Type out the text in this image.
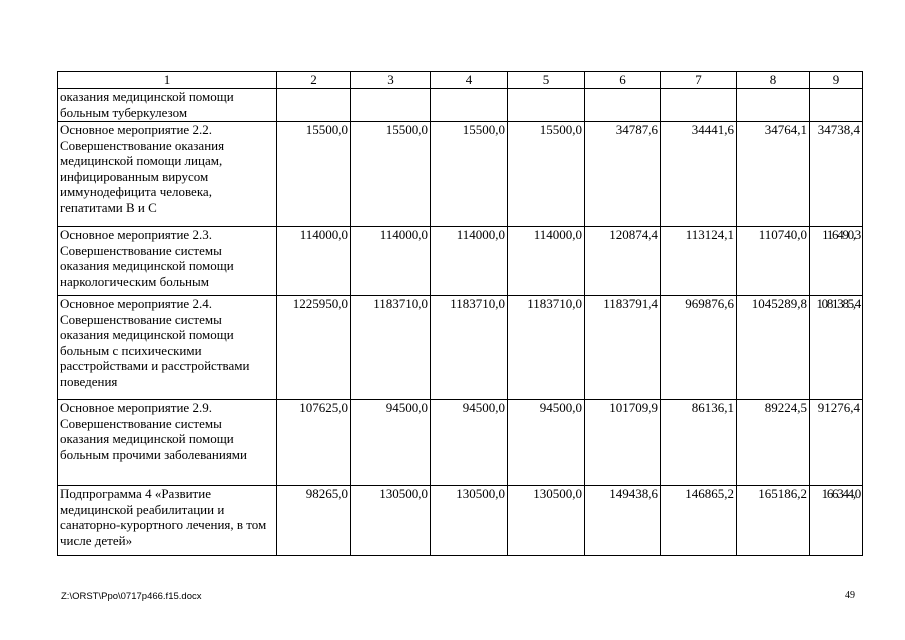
1	2	3	4	5	6	7	8	9
оказания медицинской помощи больным туберкулезом								
Основное мероприятие 2.2. Совершенствование оказания медицинской помощи лицам, инфицированным вирусом иммунодефицита человека, гепатитами В и С	15500,0	15500,0	15500,0	15500,0	34787,6	34441,6	34764,1	34738,4
Основное мероприятие 2.3. Совершенствование системы оказания медицинской помощи наркологическим больным	114000,0	114000,0	114000,0	114000,0	120874,4	113124,1	110740,0	116490,3
Основное мероприятие 2.4. Совершенствование системы оказания медицинской помощи больным с психическими расстройствами и расстройствами поведения	1225950,0	1183710,0	1183710,0	1183710,0	1183791,4	969876,6	1045289,8	1081385,4
Основное мероприятие 2.9. Совершенствование системы оказания медицинской помощи больным прочими заболеваниями	107625,0	94500,0	94500,0	94500,0	101709,9	86136,1	89224,5	91276,4
Подпрограмма 4 «Развитие медицинской реабилитации и санаторно-курортного лечения, в том числе детей»	98265,0	130500,0	130500,0	130500,0	149438,6	146865,2	165186,2	166344,0
Z:\ORST\Ppo\0717p466.f15.docx	49
